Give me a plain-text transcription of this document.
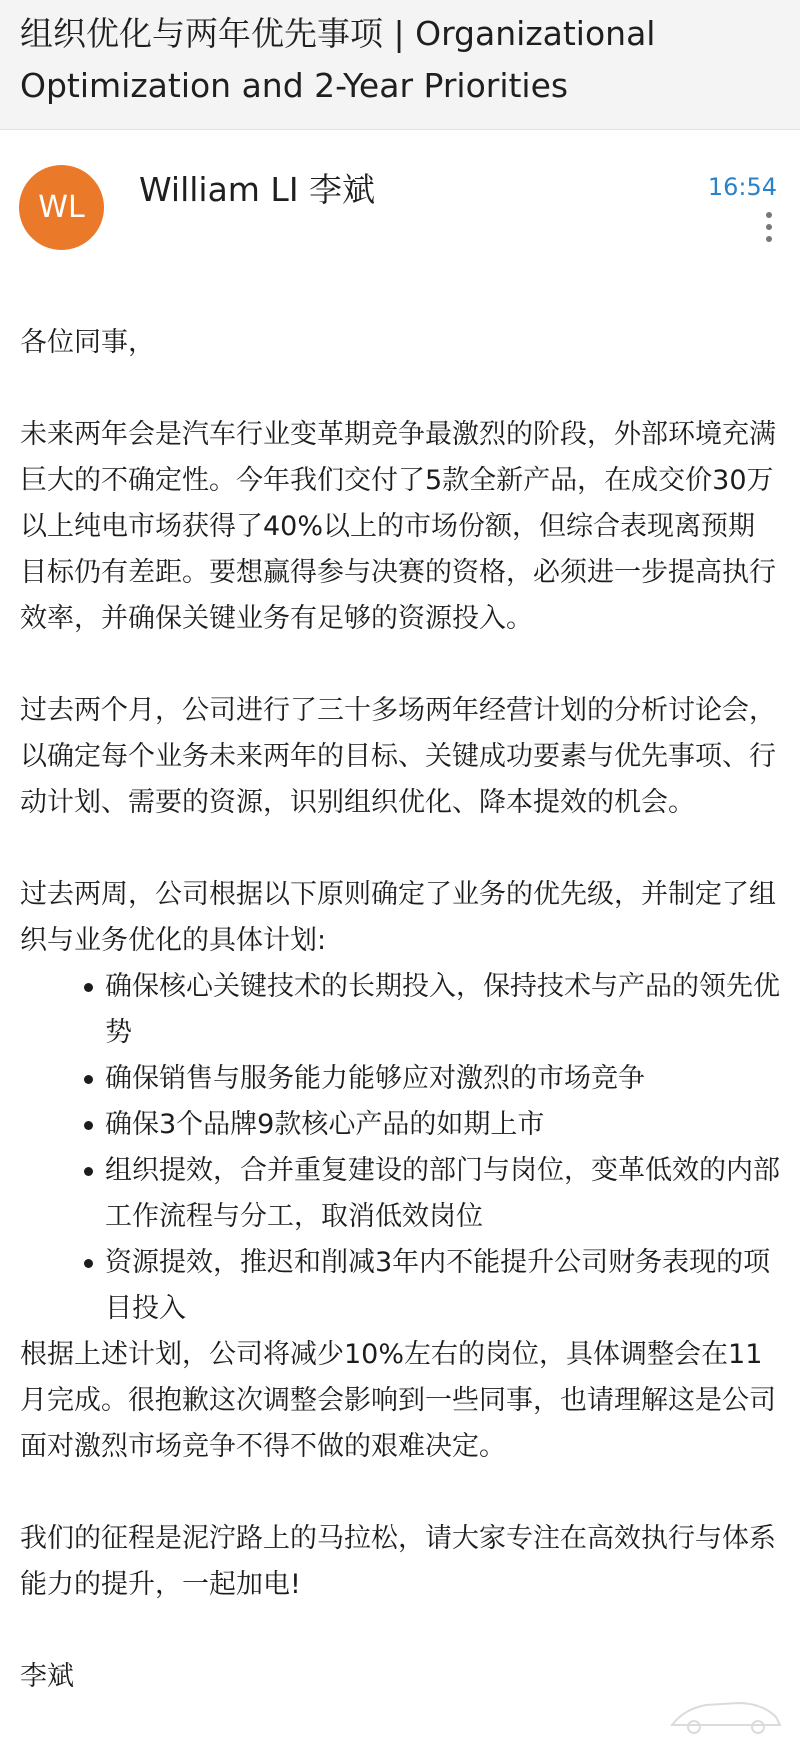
组织优化与两年优先事项 | Organizational Optimization and 2-Year Priorities
WL	William LI 李斌	16:54

各位同事，

未来两年会是汽车行业变革期竞争最激烈的阶段，外部环境充满巨大的不确定性。今年我们交付了5款全新产品，在成交价30万以上纯电市场获得了40%以上的市场份额，但综合表现离预期目标仍有差距。要想赢得参与决赛的资格，必须进一步提高执行效率，并确保关键业务有足够的资源投入。

过去两个月，公司进行了三十多场两年经营计划的分析讨论会，以确定每个业务未来两年的目标、关键成功要素与优先事项、行动计划、需要的资源，识别组织优化、降本提效的机会。

过去两周，公司根据以下原则确定了业务的优先级，并制定了组织与业务优化的具体计划:

确保核心关键技术的长期投入，保持技术与产品的领先优势
确保销售与服务能力能够应对激烈的市场竞争
确保3个品牌9款核心产品的如期上市
组织提效，合并重复建设的部门与岗位，变革低效的内部工作流程与分工，取消低效岗位
资源提效，推迟和削减3年内不能提升公司财务表现的项目投入

根据上述计划，公司将减少10%左右的岗位，具体调整会在11月完成。很抱歉这次调整会影响到一些同事，也请理解这是公司面对激烈市场竞争不得不做的艰难决定。

我们的征程是泥泞路上的马拉松，请大家专注在高效执行与体系能力的提升，一起加电!

李斌
